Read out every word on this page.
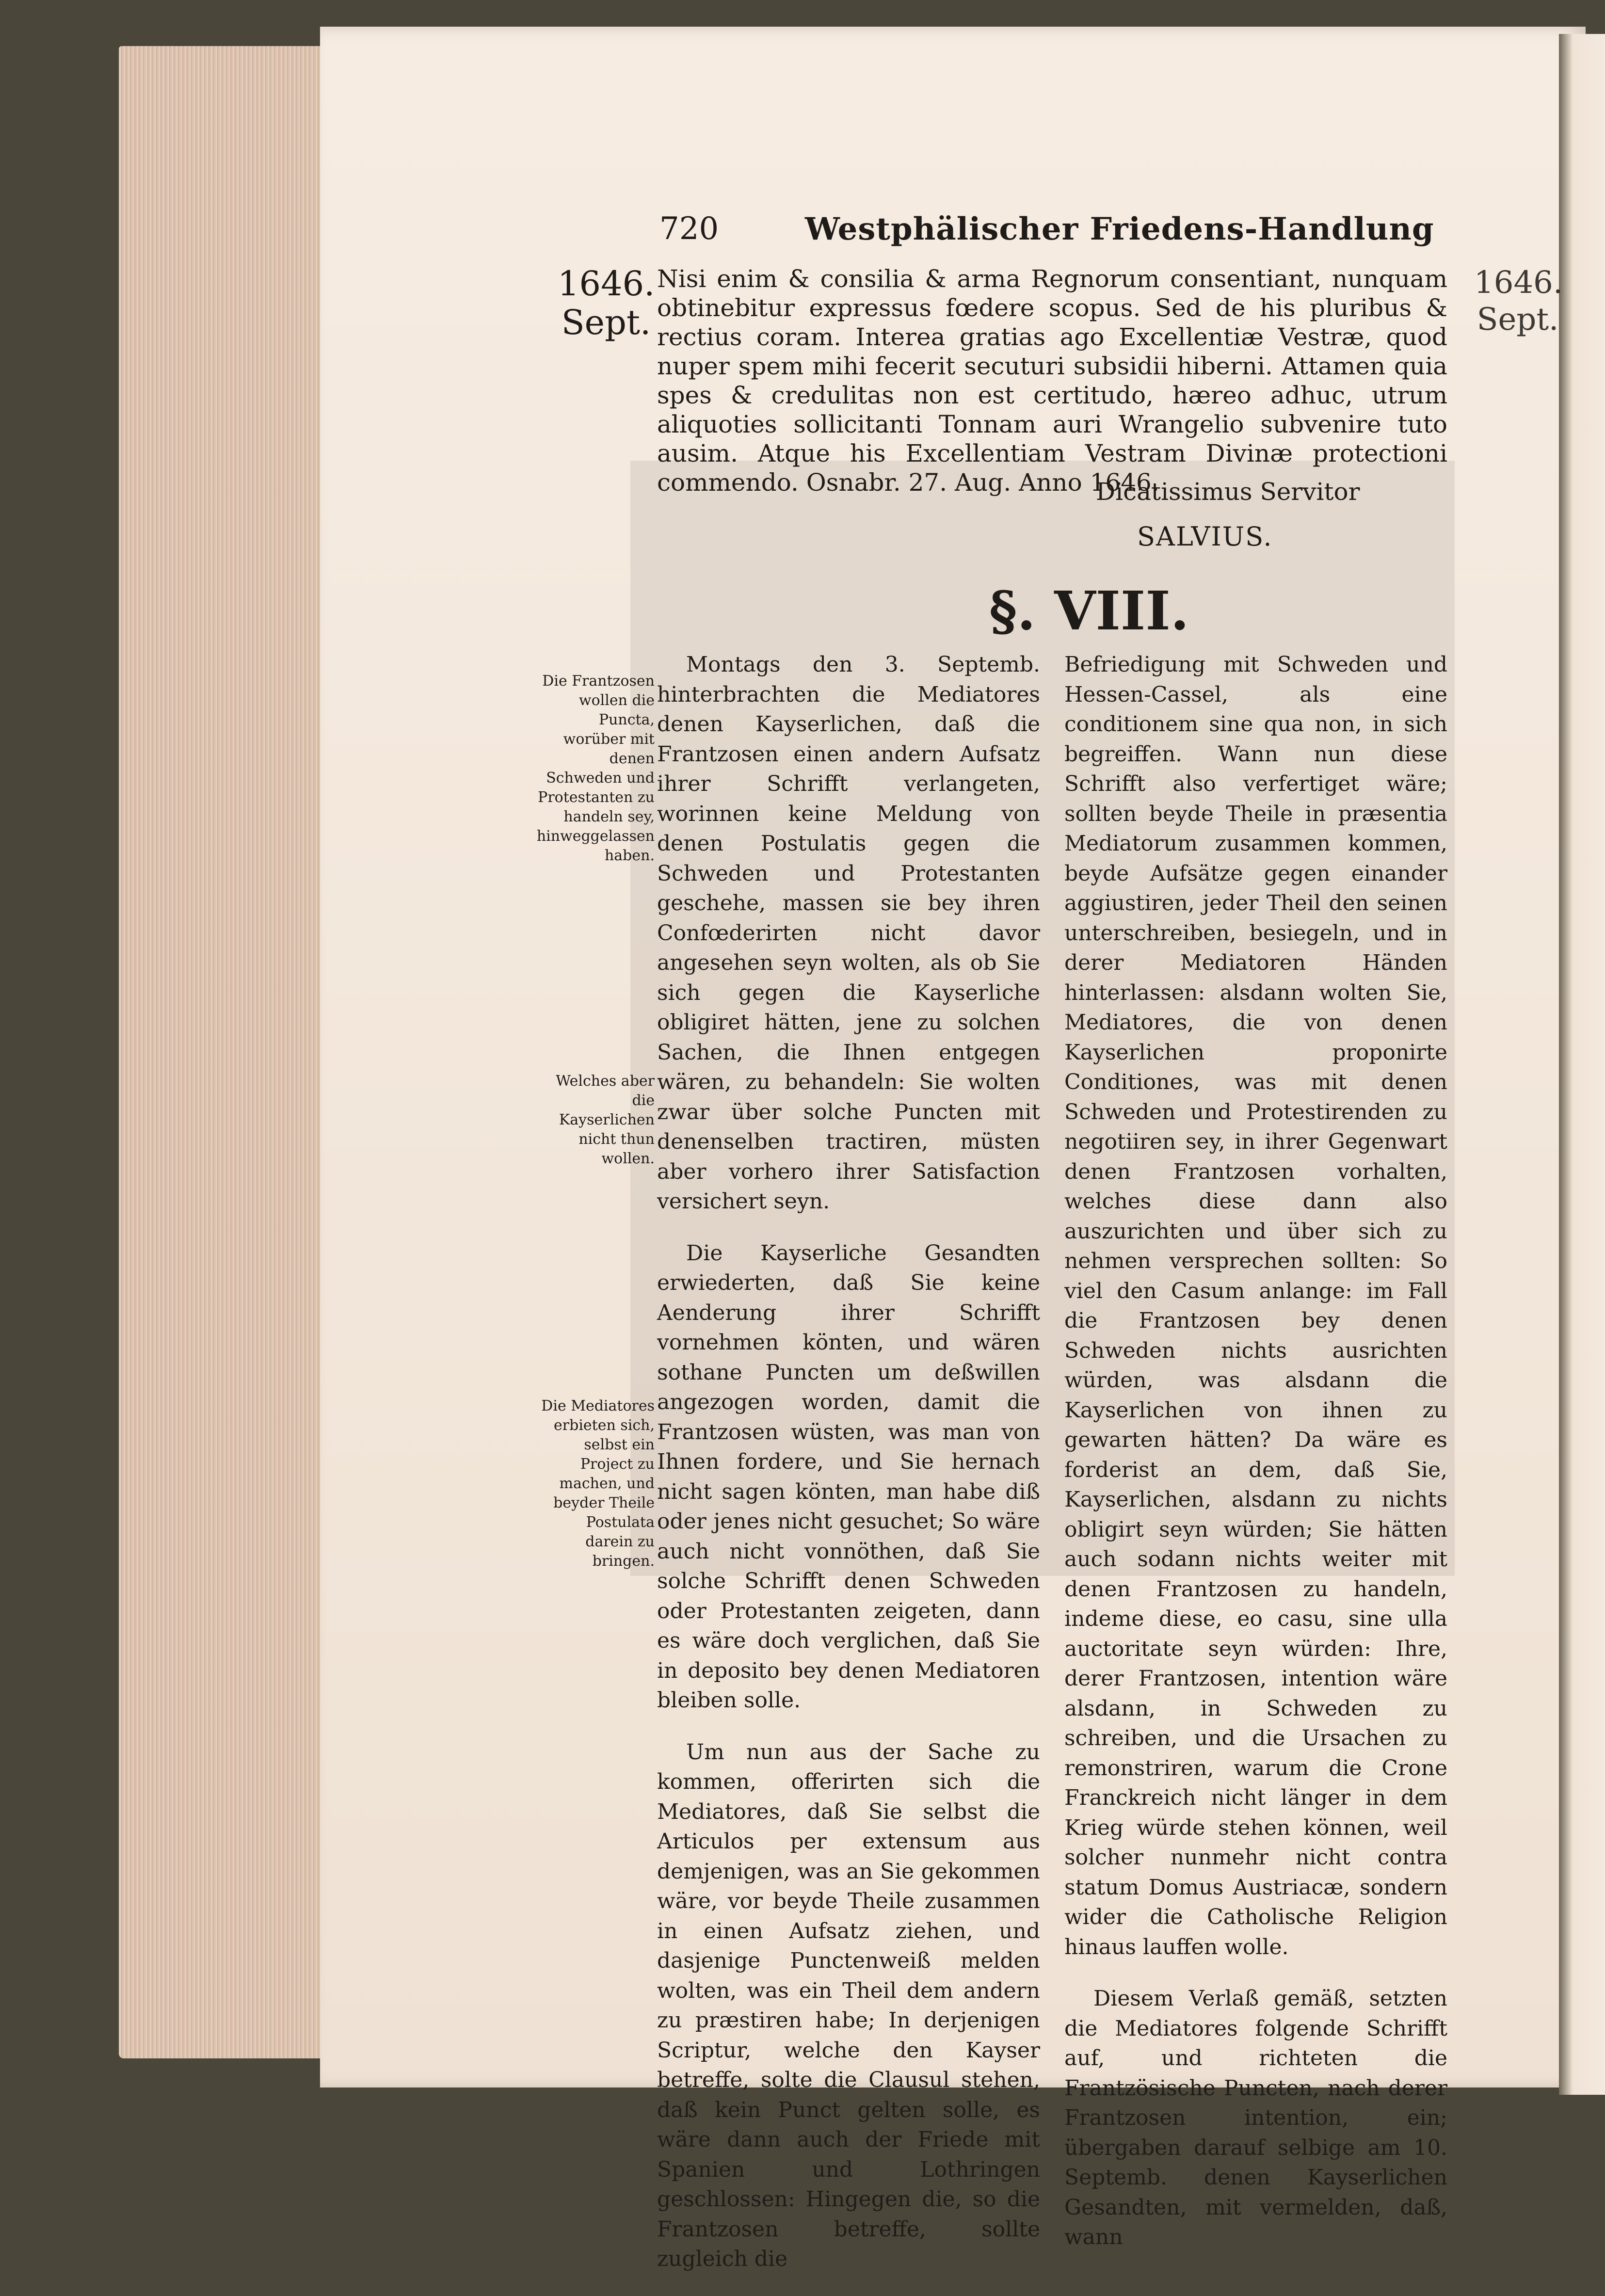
720	Westphälischer Friedens-Handlung
1646.
Sept.
1646.
Sept.

Nisi enim & consilia & arma Regnorum consentiant, nunquam obtinebitur expressus fœdere scopus. Sed de his pluribus & rectius coram. Interea gratias ago Excellentiæ Vestræ, quod nuper spem mihi fecerit secuturi subsidii hiberni. Attamen quia spes & credulitas non est certitudo, hæreo adhuc, utrum aliquoties sollicitanti Tonnam auri Wrangelio subvenire tuto ausim. Atque his Excellentiam Vestram Divinæ protectioni commendo. Osnabr. 27. Aug. Anno 1646.

Dicatissimus Servitor
SALVIUS.
§. VIII.
Die Frantzosen wollen die Puncta, worüber mit denen Schweden und Protestanten zu handeln sey, hinweggelassen haben.
Welches aber die Kayserlichen nicht thun wollen.
Die Mediatores erbieten sich, selbst ein Project zu machen, und beyder Theile Postulata darein zu bringen.

Montags den 3. Septemb. hinterbrachten die Mediatores denen Kayserlichen, daß die Frantzosen einen andern Aufsatz ihrer Schrifft verlangeten, worinnen keine Meldung von denen Postulatis gegen die Schweden und Protestanten geschehe, massen sie bey ihren Confœderirten nicht davor angesehen seyn wolten, als ob Sie sich gegen die Kayserliche obligiret hätten, jene zu solchen Sachen, die Ihnen entgegen wären, zu behandeln: Sie wolten zwar über solche Puncten mit denenselben tractiren, müsten aber vorhero ihrer Satisfaction versichert seyn.

Die Kayserliche Gesandten erwiederten, daß Sie keine Aenderung ihrer Schrifft vornehmen könten, und wären sothane Puncten um deßwillen angezogen worden, damit die Frantzosen wüsten, was man von Ihnen fordere, und Sie hernach nicht sagen könten, man habe diß oder jenes nicht gesuchet; So wäre auch nicht vonnöthen, daß Sie solche Schrifft denen Schweden oder Protestanten zeigeten, dann es wäre doch verglichen, daß Sie in deposito bey denen Mediatoren bleiben solle.

Um nun aus der Sache zu kommen, offerirten sich die Mediatores, daß Sie selbst die Articulos per extensum aus demjenigen, was an Sie gekommen wäre, vor beyde Theile zusammen in einen Aufsatz ziehen, und dasjenige Punctenweiß melden wolten, was ein Theil dem andern zu præstiren habe; In derjenigen Scriptur, welche den Kayser betreffe, solte die Clausul stehen, daß kein Punct gelten solle, es wäre dann auch der Friede mit Spanien und Lothringen geschlossen: Hingegen die, so die Frantzosen betreffe, sollte zugleich die

Befriedigung mit Schweden und Hessen-Cassel, als eine conditionem sine qua non, in sich begreiffen. Wann nun diese Schrifft also verfertiget wäre; sollten beyde Theile in præsentia Mediatorum zusammen kommen, beyde Aufsätze gegen einander aggiustiren, jeder Theil den seinen unterschreiben, besiegeln, und in derer Mediatoren Händen hinterlassen: alsdann wolten Sie, Mediatores, die von denen Kayserlichen proponirte Conditiones, was mit denen Schweden und Protestirenden zu negotiiren sey, in ihrer Gegenwart denen Frantzosen vorhalten, welches diese dann also auszurichten und über sich zu nehmen versprechen sollten: So viel den Casum anlange: im Fall die Frantzosen bey denen Schweden nichts ausrichten würden, was alsdann die Kayserlichen von ihnen zu gewarten hätten? Da wäre es forderist an dem, daß Sie, Kayserlichen, alsdann zu nichts obligirt seyn würden; Sie hätten auch sodann nichts weiter mit denen Frantzosen zu handeln, indeme diese, eo casu, sine ulla auctoritate seyn würden: Ihre, derer Frantzosen, intention wäre alsdann, in Schweden zu schreiben, und die Ursachen zu remonstriren, warum die Crone Franckreich nicht länger in dem Krieg würde stehen können, weil solcher nunmehr nicht contra statum Domus Austriacæ, sondern wider die Catholische Religion hinaus lauffen wolle.

Diesem Verlaß gemäß, setzten die Mediatores folgende Schrifft auf, und richteten die Frantzösische Puncten, nach derer Frantzosen intention, ein; übergaben darauf selbige am 10. Septemb. denen Kayserlichen Gesandten, mit vermelden, daß, wann
